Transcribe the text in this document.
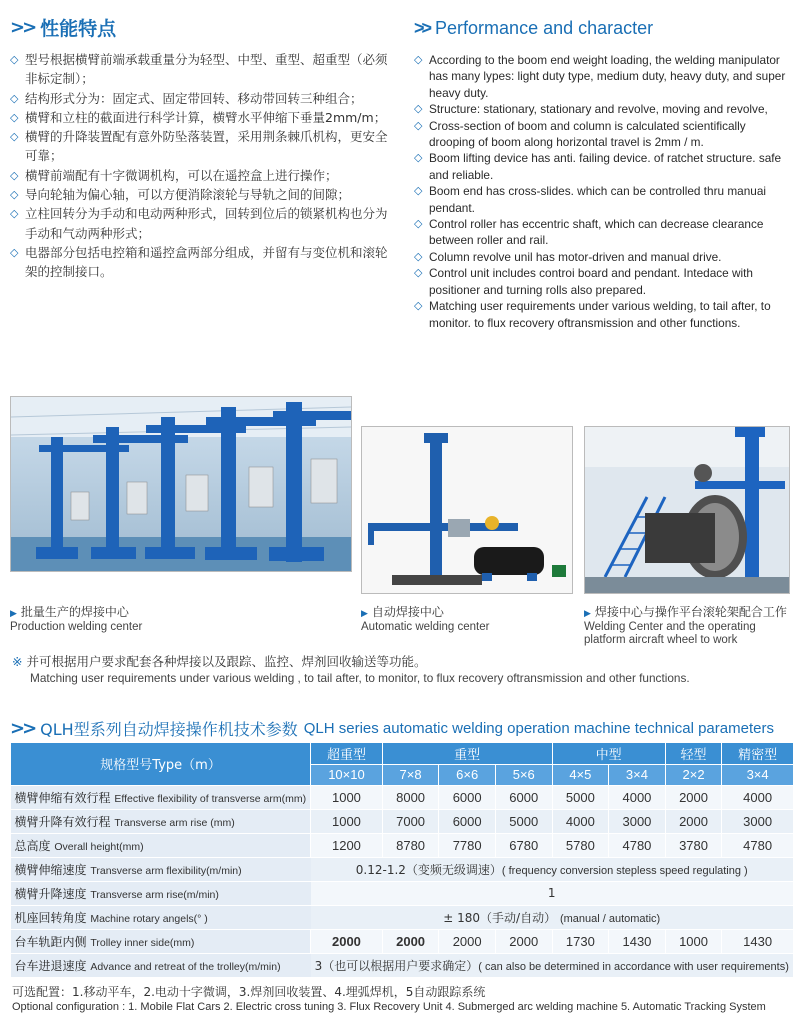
>> 性能特点	>> Performance and character
◇ 型号根据横臂前端承载重量分为轻型、中型、重型、超重型（必须非标定制）；
◇ 结构形式分为：固定式、固定带回转、移动带回转三种组合；
◇ 横臂和立柱的截面进行科学计算，横臂水平伸缩下垂量2mm/m；
◇ 横臂的升降装置配有意外防坠落装置，采用荆条棘爪机构，更安全可靠；
◇ 横臂前端配有十字微调机构，可以在遥控盒上进行操作；
◇ 导向轮轴为偏心轴，可以方便消除滚轮与导轨之间的间隙；
◇ 立柱回转分为手动和电动两种形式，回转到位后的锁紧机构也分为手动和气动两种形式；
◇ 电器部分包括电控箱和遥控盒两部分组成，并留有与变位机和滚轮架的控制接口。
◇ According to the boom end weight loading, the welding manipulator has many lypes: light duty type, medium duty, heavy duty, and super heavy duty.
◇ Structure: stationary, stationary and revolve, moving and revolve,
◇ Cross-section of boom and column is calculated scientifically drooping of boom along horizontal travel is 2mm / m.
◇ Boom lifting device has anti. failing device. of ratchet structure. safe and reliable.
◇ Boom end has cross-slides. which can be controlled thru manuai pendant.
◇ Control roller has eccentric shaft, which can decrease clearance between roller and rail.
◇ Column revolve unil has motor-driven and manual drive.
◇ Control unit includes controi board and pendant. Intedace with positioner and turning rolls also prepared.
◇ Matching user requirements under various welding, to tail after, to monitor. to flux recovery oftransmission and other functions.
▶ 批量生产的焊接中心
Production welding center
▶ 自动焊接中心
Automatic welding center
▶ 焊接中心与操作平台滚轮架配合工作
Welding Center and the operating platform aircraft wheel to work
※ 并可根据用户要求配套各种焊接以及跟踪、监控、焊剂回收输送等功能。
Matching user requirements under various welding , to tail after, to monitor, to flux recovery oftransmission and other functions.
>> QLH型系列自动焊接操作机技术参数 QLH series automatic welding operation machine technical parameters
规格型号Type（m）	超重型	重型			中型		轻型	精密型
	10×10	7×8	6×6	5×6	4×5	3×4	2×2	3×4
横臂伸缩有效行程 Effective flexibility of transverse arm(mm)	1000	8000	6000	6000	5000	4000	2000	4000
横臂升降有效行程 Transverse arm rise (mm)	1000	7000	6000	5000	4000	3000	2000	3000
总高度 Overall height(mm)	1200	8780	7780	6780	5780	4780	3780	4780
横臂伸缩速度 Transverse arm flexibility(m/min)	0.12-1.2（变频无级调速）( frequency conversion stepless speed regulating )							
横臂升降速度 Transverse arm rise(m/min)	1							
机座回转角度 Machine rotary angels(° )	± 180（手动/自动） (manual / automatic)							
台车轨距内侧 Trolley inner side(mm)	2000	2000	2000	2000	1730	1430	1000	1430
台车进退速度 Advance and retreat of the trolley(m/min)	3（也可以根据用户要求确定）( can also be determined in accordance with user requirements)							
可选配置：1.移动平车，2.电动十字微调，3.焊剂回收装置、4.埋弧焊机，5自动跟踪系统
Optional configuration : 1. Mobile Flat Cars 2. Electric cross tuning 3. Flux Recovery Unit 4. Submerged arc welding machine 5. Automatic Tracking System
